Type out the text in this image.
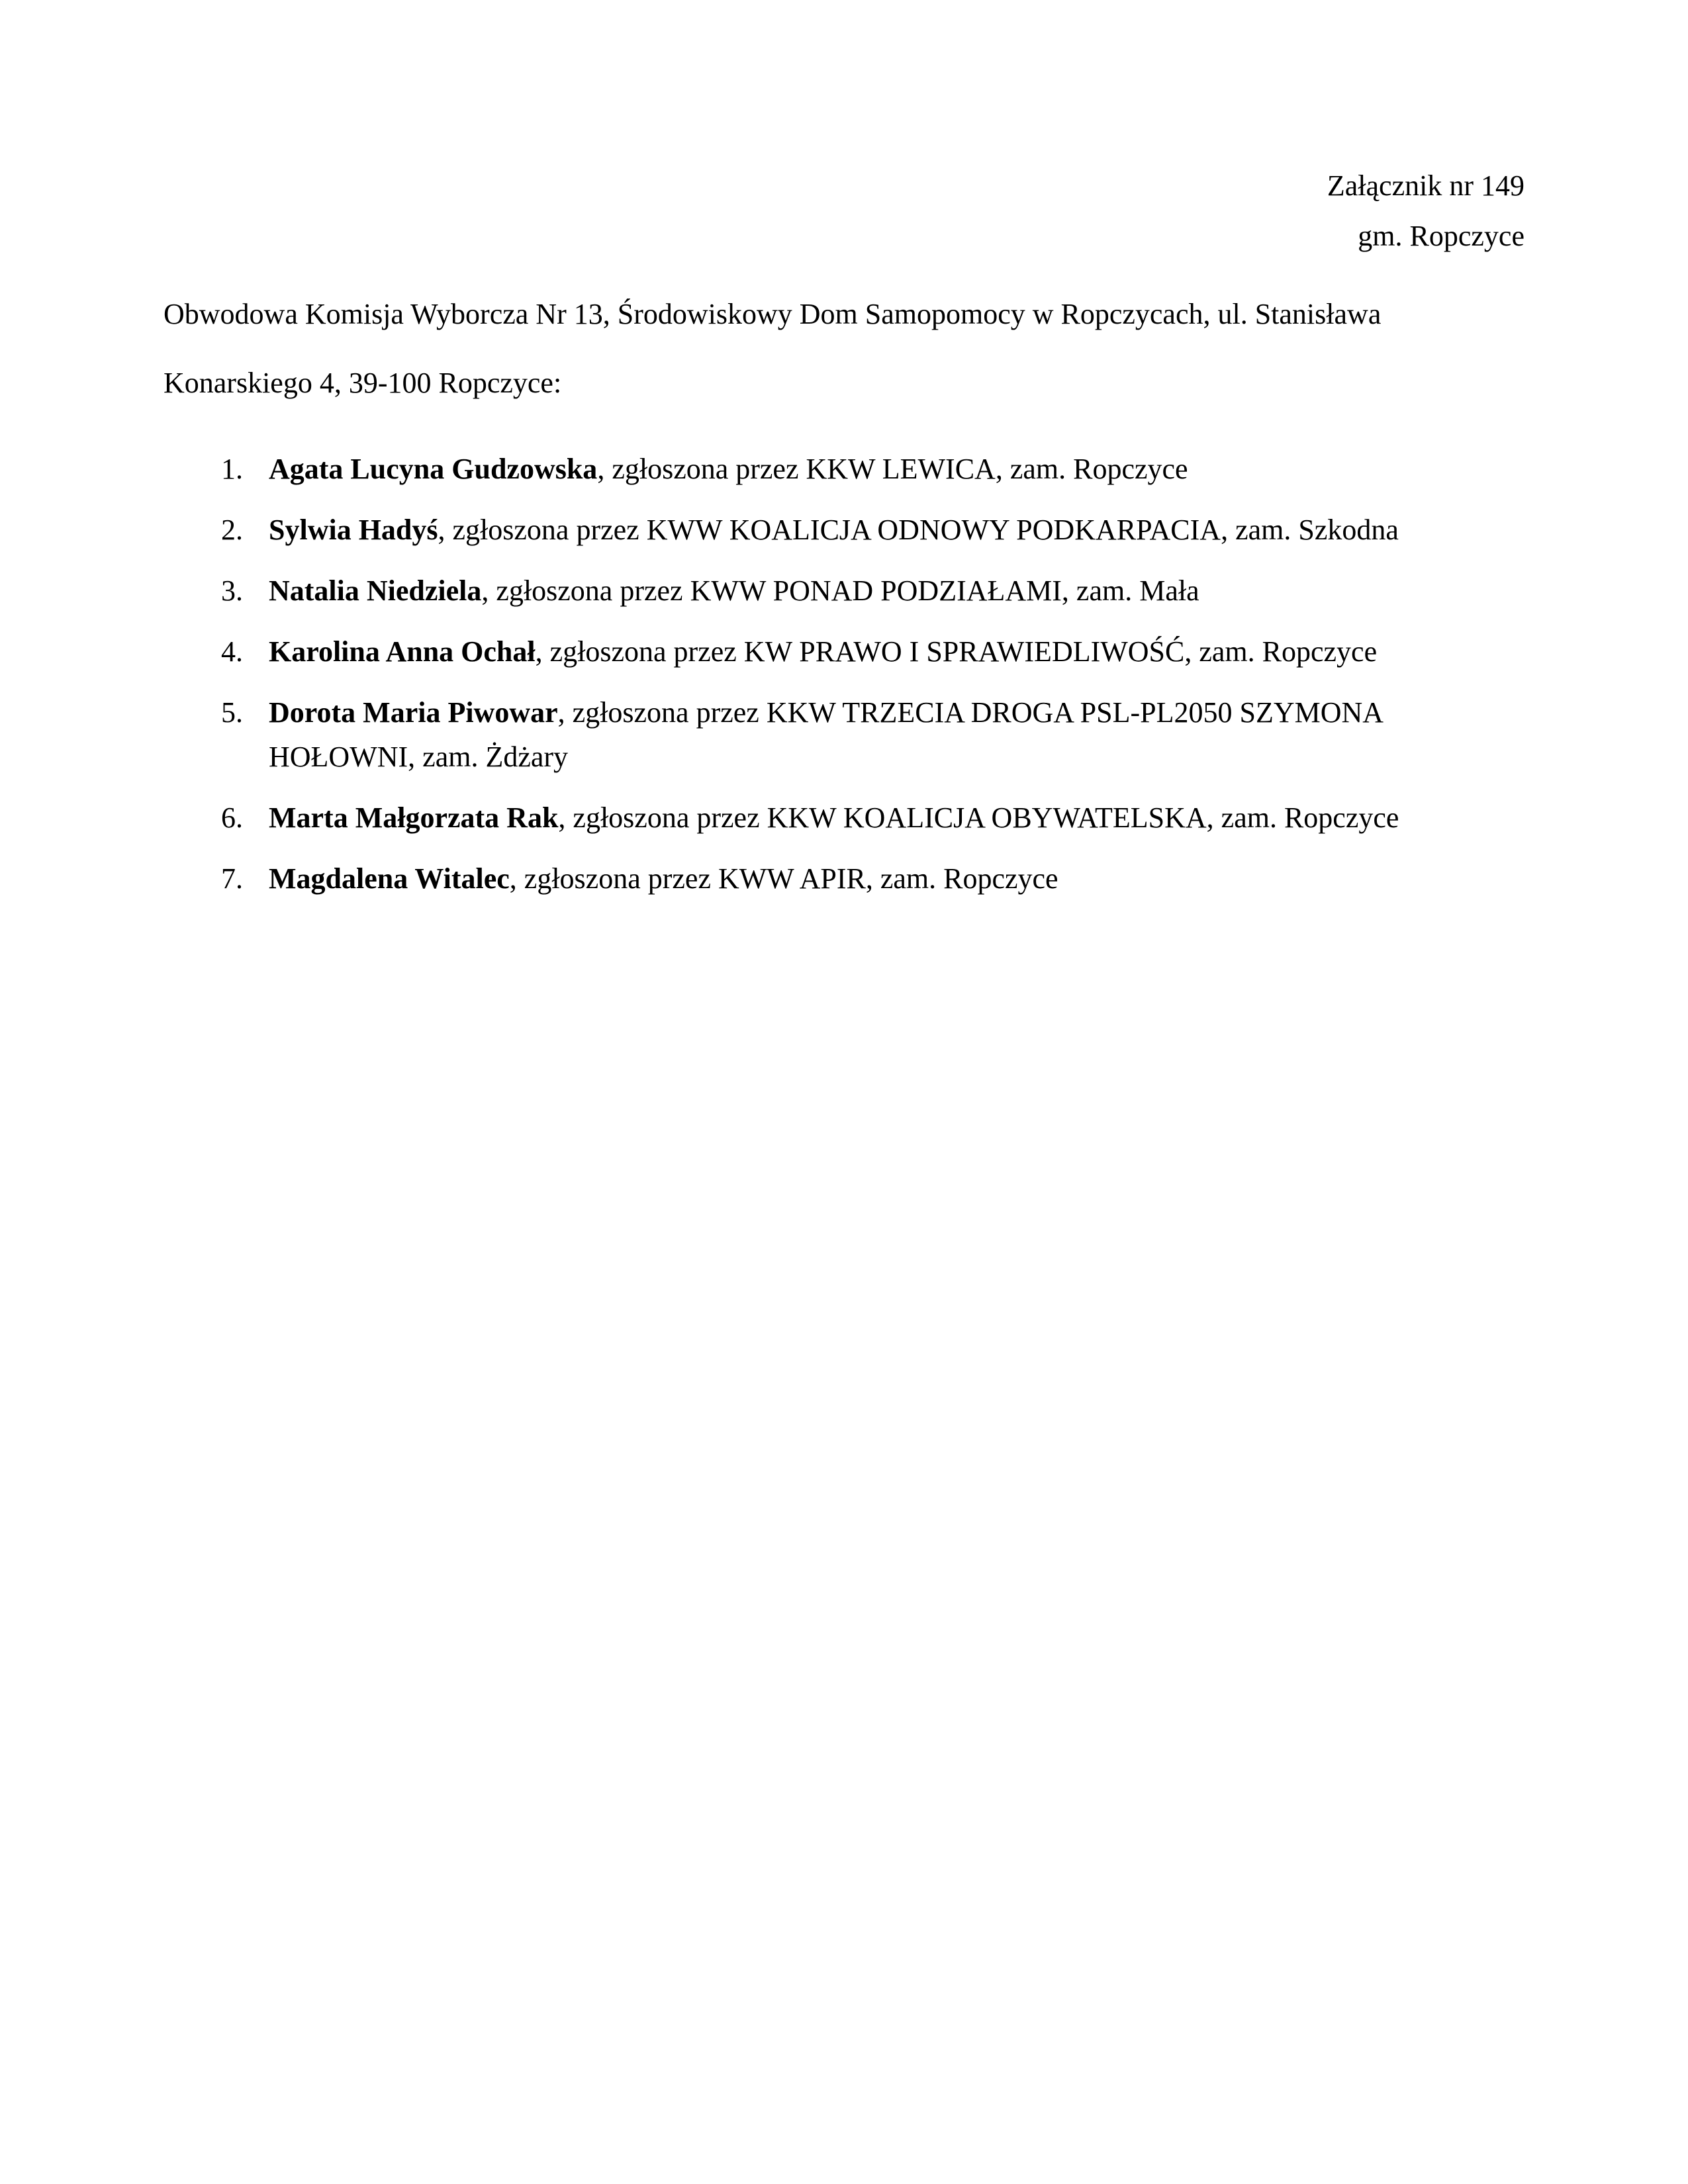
Załącznik nr 149
gm. Ropczyce

Obwodowa Komisja Wyborcza Nr 13, Środowiskowy Dom Samopomocy w Ropczycach, ul. Stanisława Konarskiego 4, 39-100 Ropczyce:

1. Agata Lucyna Gudzowska, zgłoszona przez KKW LEWICA, zam. Ropczyce
2. Sylwia Hadyś, zgłoszona przez KWW KOALICJA ODNOWY PODKARPACIA, zam. Szkodna
3. Natalia Niedziela, zgłoszona przez KWW PONAD PODZIAŁAMI, zam. Mała
4. Karolina Anna Ochał, zgłoszona przez KW PRAWO I SPRAWIEDLIWOŚĆ, zam. Ropczyce
5. Dorota Maria Piwowar, zgłoszona przez KKW TRZECIA DROGA PSL-PL2050 SZYMONA HOŁOWNI, zam. Żdżary
6. Marta Małgorzata Rak, zgłoszona przez KKW KOALICJA OBYWATELSKA, zam. Ropczyce
7. Magdalena Witalec, zgłoszona przez KWW APIR, zam. Ropczyce
